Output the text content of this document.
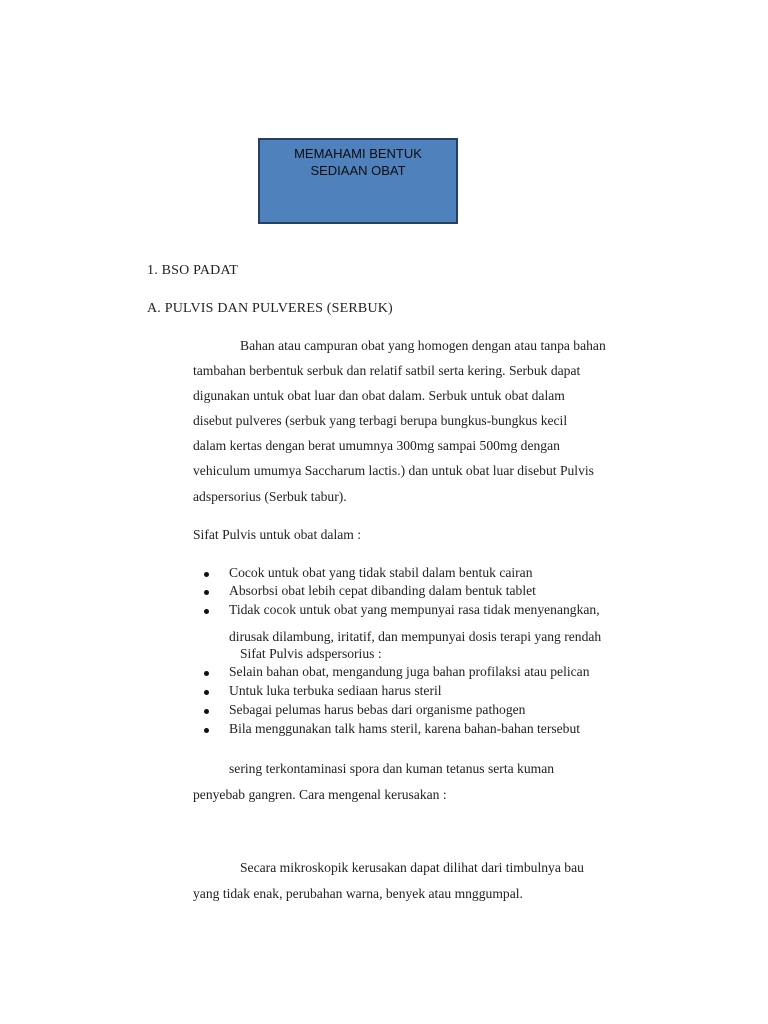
MEMAHAMI BENTUK
SEDIAAN OBAT
1. BSO PADAT
A. PULVIS DAN PULVERES (SERBUK)
Bahan atau campuran obat yang homogen dengan atau tanpa bahan
tambahan berbentuk serbuk dan relatif satbil serta kering. Serbuk dapat
digunakan untuk obat luar dan obat dalam. Serbuk untuk obat dalam
disebut pulveres (serbuk yang terbagi berupa bungkus-bungkus kecil
dalam kertas dengan berat umumnya 300mg sampai 500mg dengan
vehiculum umumya Saccharum lactis.) dan untuk obat luar disebut Pulvis
adspersorius (Serbuk tabur).
Sifat Pulvis untuk obat dalam :
Cocok untuk obat yang tidak stabil dalam bentuk cairan
Absorbsi obat lebih cepat dibanding dalam bentuk tablet
Tidak cocok untuk obat yang mempunyai rasa tidak menyenangkan,
dirusak dilambung, iritatif, dan mempunyai dosis terapi yang rendah
Sifat Pulvis adspersorius :
Selain bahan obat, mengandung juga bahan profilaksi atau pelican
Untuk luka terbuka sediaan harus steril
Sebagai pelumas harus bebas dari organisme pathogen
Bila menggunakan talk hams steril, karena bahan-bahan tersebut
sering terkontaminasi spora dan kuman tetanus serta kuman
penyebab gangren. Cara mengenal kerusakan :
Secara mikroskopik kerusakan dapat dilihat dari timbulnya bau
yang tidak enak, perubahan warna, benyek atau mnggumpal.
